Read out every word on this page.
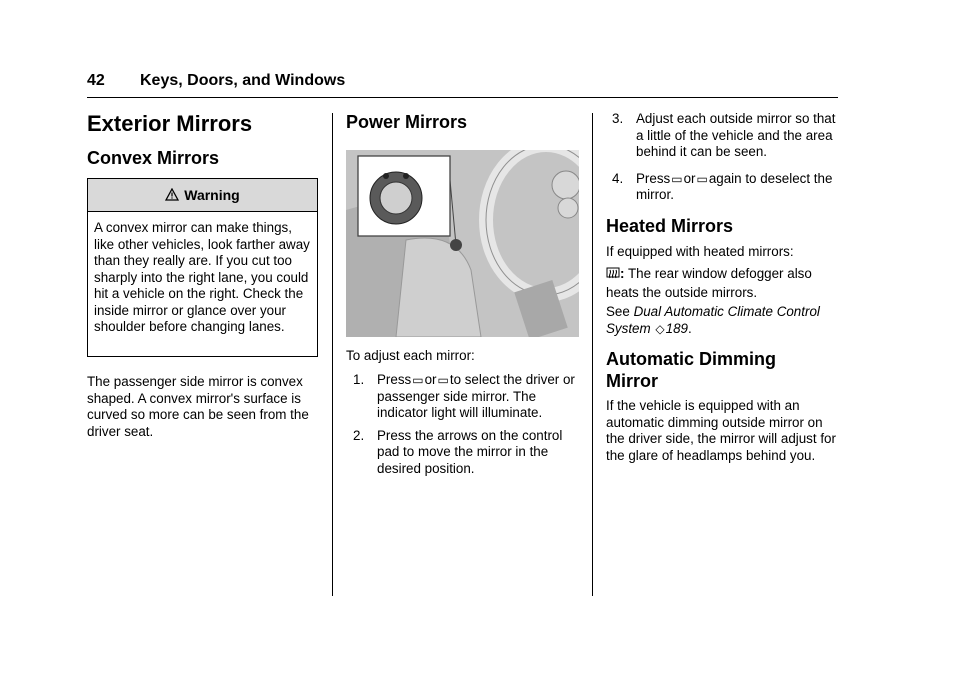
42 Keys, Doors, and Windows
Exterior Mirrors
Convex Mirrors
Warning
A convex mirror can make things, like other vehicles, look farther away than they really are. If you cut too sharply into the right lane, you could hit a vehicle on the right. Check the inside mirror or glance over your shoulder before changing lanes.
The passenger side mirror is convex shaped. A convex mirror's surface is curved so more can be seen from the driver seat.
Power Mirrors
To adjust each mirror:
1. Press▭or▭to select the driver or passenger side mirror. The indicator light will illuminate.
2. Press the arrows on the control pad to move the mirror in the desired position.
3. Adjust each outside mirror so that a little of the vehicle and the area behind it can be seen.
4. Press▭or▭again to deselect the mirror.
Heated Mirrors
If equipped with heated mirrors:
: The rear window defogger also heats the outside mirrors.
See Dual Automatic Climate Control System ◇189.
Automatic Dimming
Mirror
If the vehicle is equipped with an automatic dimming outside mirror on the driver side, the mirror will adjust for the glare of headlamps behind you.
